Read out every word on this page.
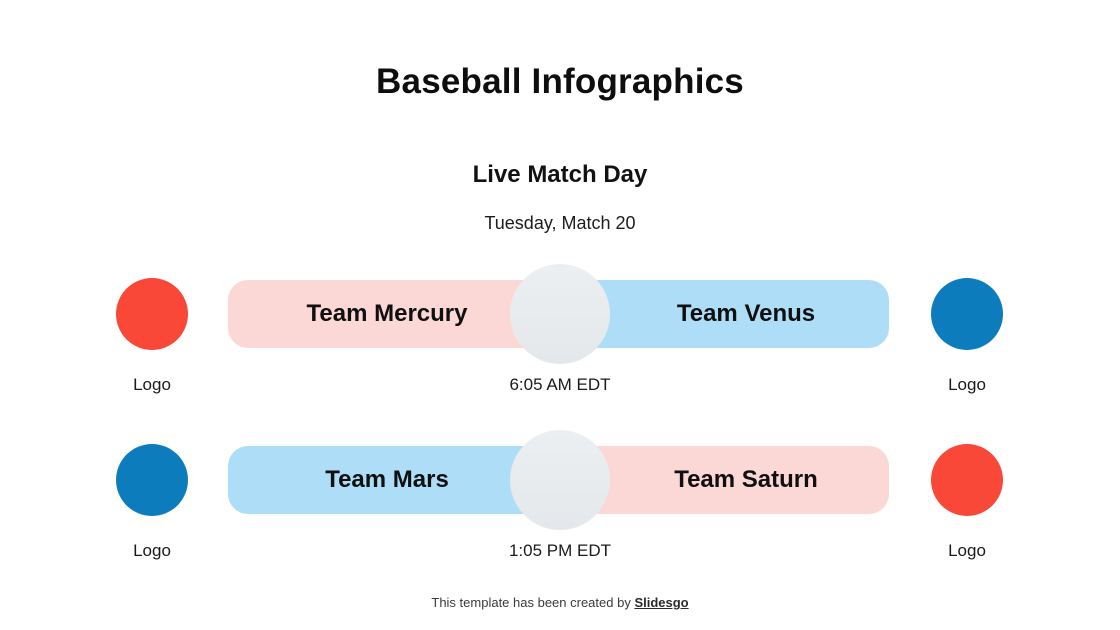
Baseball Infographics
Live Match Day
Tuesday, Match 20
Team Mercury	Team Venus
Logo	6:05 AM EDT	Logo
Team Mars	Team Saturn
Logo	1:05 PM EDT	Logo
This template has been created by Slidesgo
